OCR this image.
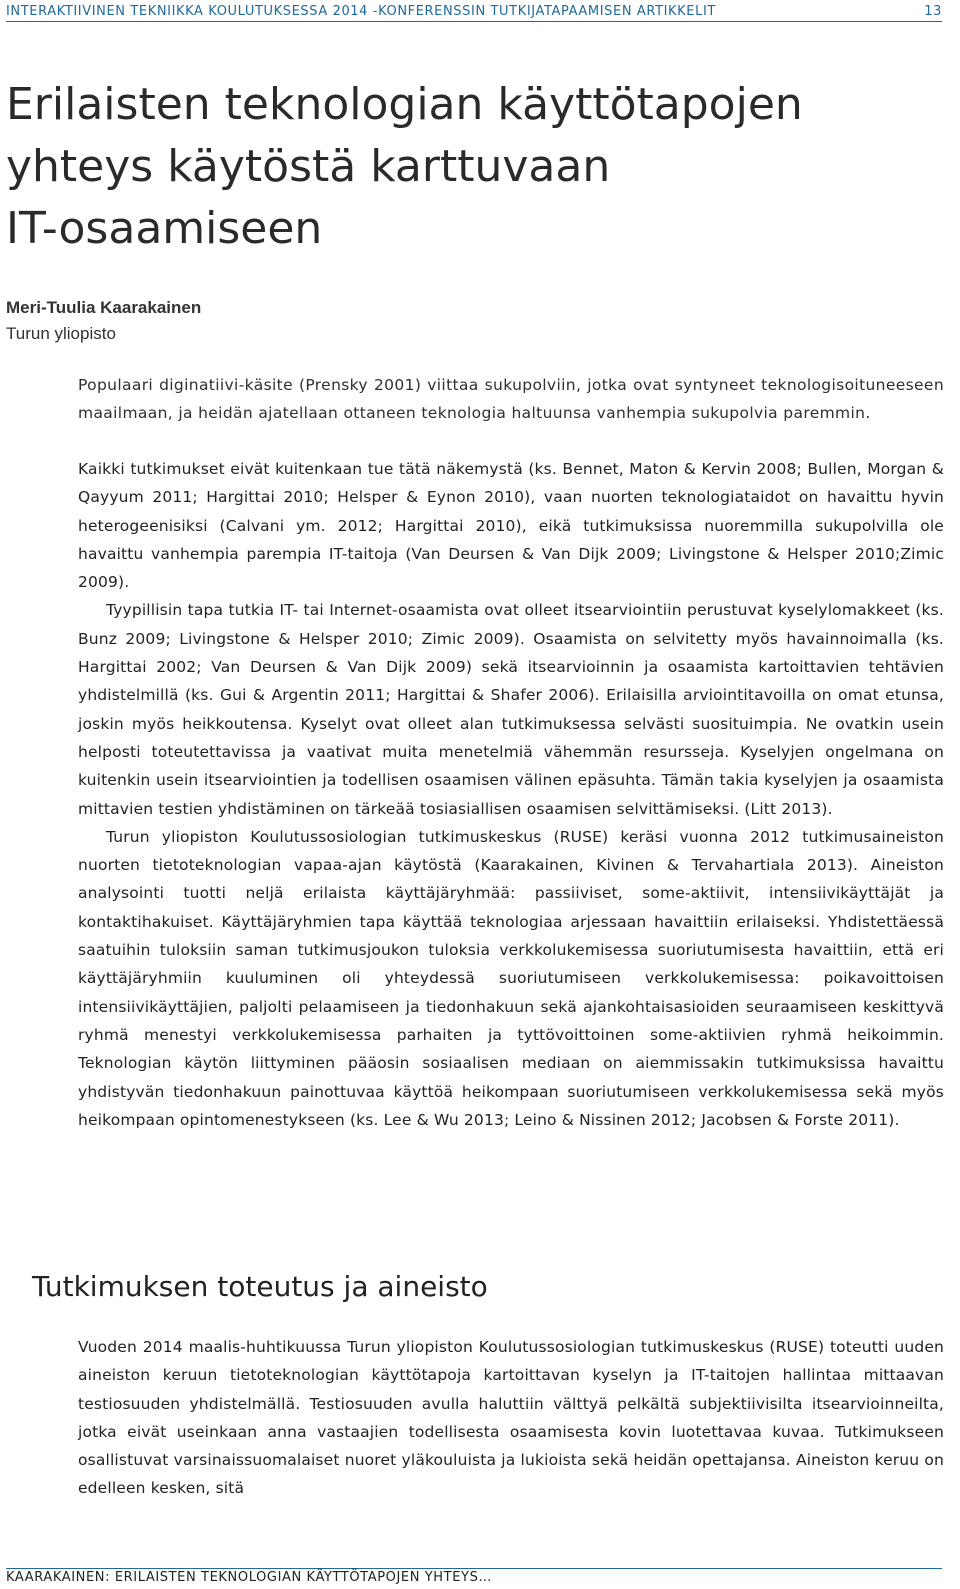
INTERAKTIIVINEN TEKNIIKKA KOULUTUKSESSA 2014 -KONFERENSSIN TUTKIJATAPAAMISEN ARTIKKELIT	13
Erilaisten teknologian käyttötapojen
yhteys käytöstä karttuvaan
IT-osaamiseen
Meri-Tuulia Kaarakainen
Turun yliopisto
Populaari diginatiivi-käsite (Prensky 2001) viittaa sukupolviin, jotka ovat syntyneet teknologisoituneeseen maailmaan, ja heidän ajatellaan ottaneen teknologia haltuunsa vanhempia sukupolvia paremmin.

Kaikki tutkimukset eivät kuitenkaan tue tätä näkemystä (ks. Bennet, Maton & Kervin 2008; Bullen, Morgan & Qayyum 2011; Hargittai 2010; Helsper & Eynon 2010), vaan nuorten teknologiataidot on havaittu hyvin heterogeenisiksi (Calvani ym. 2012; Hargittai 2010), eikä tutkimuksissa nuoremmilla sukupolvilla ole havaittu vanhempia parempia IT-taitoja (Van Deursen & Van Dijk 2009; Livingstone & Helsper 2010;Zimic 2009).

Tyypillisin tapa tutkia IT- tai Internet-osaamista ovat olleet itsearviointiin perustuvat kyselylomakkeet (ks. Bunz 2009; Livingstone & Helsper 2010; Zimic 2009). Osaamista on selvitetty myös havainnoimalla (ks. Hargittai 2002; Van Deursen & Van Dijk 2009) sekä itsearvioinnin ja osaamista kartoittavien tehtävien yhdistelmillä (ks. Gui & Argentin 2011; Hargittai & Shafer 2006). Erilaisilla arviointitavoilla on omat etunsa, joskin myös heikkoutensa. Kyselyt ovat olleet alan tutkimuksessa selvästi suosituimpia. Ne ovatkin usein helposti toteutettavissa ja vaativat muita menetelmiä vähemmän resursseja. Kyselyjen ongelmana on kuitenkin usein itsearviointien ja todellisen osaamisen välinen epäsuhta. Tämän takia kyselyjen ja osaamista mittavien testien yhdistäminen on tärkeää tosiasiallisen osaamisen selvittämiseksi. (Litt 2013).

Turun yliopiston Koulutussosiologian tutkimuskeskus (RUSE) keräsi vuonna 2012 tutkimusaineiston nuorten tietoteknologian vapaa-ajan käytöstä (Kaarakainen, Kivinen & Tervahartiala 2013). Aineiston analysointi tuotti neljä erilaista käyttäjäryhmää: passiiviset, some-aktiivit, intensiivikäyttäjät ja kontaktihakuiset. Käyttäjäryhmien tapa käyttää teknologiaa arjessaan havaittiin erilaiseksi. Yhdistettäessä saatuihin tuloksiin saman tutkimusjoukon tuloksia verkkolukemisessa suoriutumisesta havaittiin, että eri käyttäjäryhmiin kuuluminen oli yhteydessä suoriutumiseen verkkolukemisessa: poikavoittoisen intensiivikäyttäjien, paljolti pelaamiseen ja tiedonhakuun sekä ajankohtaisasioiden seuraamiseen keskittyvä ryhmä menestyi verkkolukemisessa parhaiten ja tyttövoittoinen some-aktiivien ryhmä heikoimmin. Teknologian käytön liittyminen pääosin sosiaalisen mediaan on aiemmissakin tutkimuksissa havaittu yhdistyvän tiedonhakuun painottuvaa käyttöä heikompaan suoriutumiseen verkkolukemisessa sekä myös heikompaan opintomenestykseen (ks. Lee & Wu 2013; Leino & Nissinen 2012; Jacobsen & Forste 2011).

Tutkimuksen toteutus ja aineisto

Vuoden 2014 maalis-huhtikuussa Turun yliopiston Koulutussosiologian tutkimuskeskus (RUSE) toteutti uuden aineiston keruun tietoteknologian käyttötapoja kartoittavan kyselyn ja IT-taitojen hallintaa mittaavan testiosuuden yhdistelmällä. Testiosuuden avulla haluttiin välttyä pelkältä subjektiivisilta itsearvioinneilta, jotka eivät useinkaan anna vastaajien todellisesta osaamisesta kovin luotettavaa kuvaa. Tutkimukseen osallistuvat varsinaissuomalaiset nuoret yläkouluista ja lukioista sekä heidän opettajansa. Aineiston keruu on edelleen kesken, sitä

KAARAKAINEN: ERILAISTEN TEKNOLOGIAN KÄYTTÖTAPOJEN YHTEYS…
